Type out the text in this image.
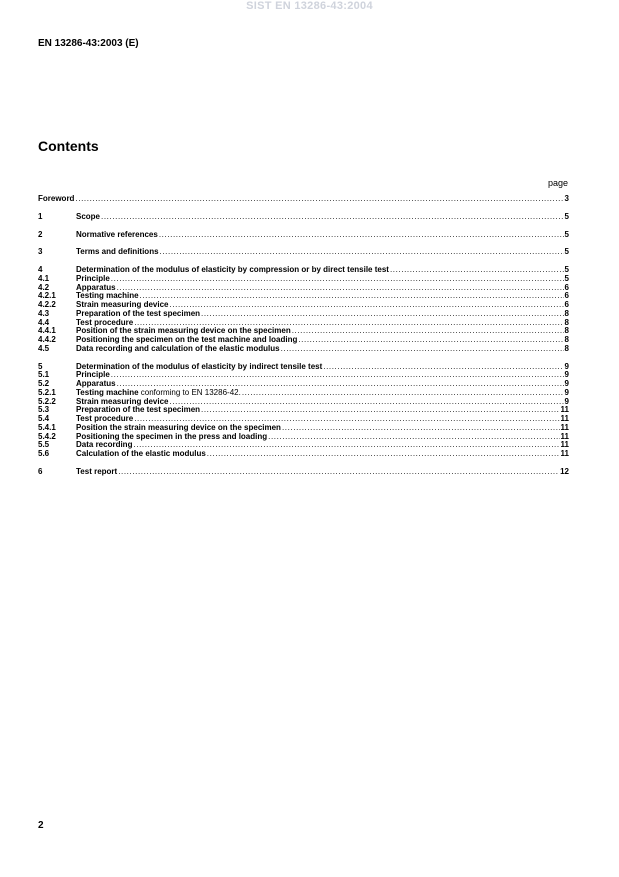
SIST EN 13286-43:2004
EN 13286-43:2003 (E)
Contents
page
Foreword .....	3
1	Scope .....	5
2	Normative references .....	5
3	Terms and definitions .....	5
4	Determination of the modulus of elasticity by compression or by direct tensile test .....	5
4.1	Principle .....	5
4.2	Apparatus .....	6
4.2.1	Testing machine .....	6
4.2.2	Strain measuring device .....	6
4.3	Preparation of the test specimen .....	8
4.4	Test procedure .....	8
4.4.1	Position of the strain measuring device on the specimen .....	8
4.4.2	Positioning the specimen on the test machine and loading .....	8
4.5	Data recording and calculation of the elastic modulus .....	8
5	Determination of the modulus of elasticity by indirect tensile test .....	9
5.1	Principle .....	9
5.2	Apparatus .....	9
5.2.1	Testing machine conforming to EN 13286-42. .....	9
5.2.2	Strain measuring device .....	9
5.3	Preparation of the test specimen .....	11
5.4	Test procedure .....	11
5.4.1	Position the strain measuring device on the specimen .....	11
5.4.2	Positioning the specimen in the press and loading .....	11
5.5	Data recording .....	11
5.6	Calculation of the elastic modulus .....	11
6	Test report .....	12
2
